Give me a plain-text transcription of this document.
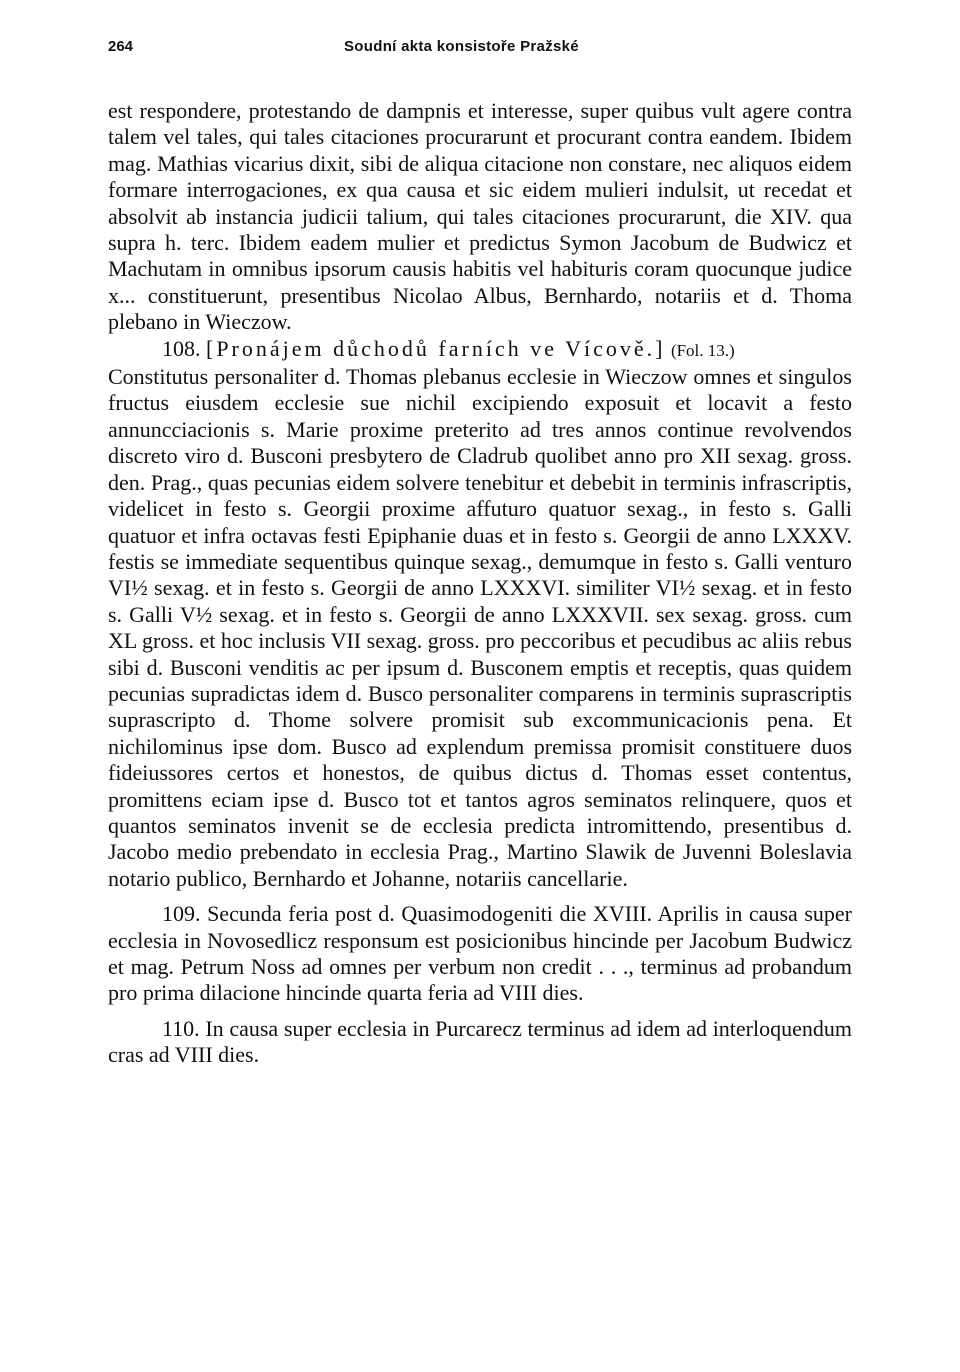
264	Soudní akta konsistoře Pražské

est respondere, protestando de dampnis et interesse, super quibus vult agere contra talem vel tales, qui tales citaciones procurarunt et procurant contra eandem. Ibidem mag. Mathias vicarius dixit, sibi de aliqua citacione non constare, nec aliquos eidem formare interrogaciones, ex qua causa et sic eidem mulieri indulsit, ut recedat et absolvit ab instancia judicii talium, qui tales citaciones procurarunt, die XIV. qua supra h. terc. Ibidem eadem mulier et predictus Symon Jacobum de Budwicz et Machutam in omnibus ipsorum causis habitis vel habituris coram quocunque judice x... constituerunt, presentibus Nicolao Albus, Bernhardo, notariis et d. Thoma plebano in Wieczow.

108. [Pronájem důchodů farních ve Vícově.] (Fol. 13.)

Constitutus personaliter d. Thomas plebanus ecclesie in Wieczow omnes et singulos fructus eiusdem ecclesie sue nichil excipiendo exposuit et locavit a festo annuncciacionis s. Marie proxime preterito ad tres annos continue revolvendos discreto viro d. Busconi presbytero de Cladrub quolibet anno pro XII sexag. gross. den. Prag., quas pecunias eidem solvere tenebitur et debebit in terminis infrascriptis, videlicet in festo s. Georgii proxime affuturo quatuor sexag., in festo s. Galli quatuor et infra octavas festi Epiphanie duas et in festo s. Georgii de anno LXXXV. festis se immediate sequentibus quinque sexag., demumque in festo s. Galli venturo VI½ sexag. et in festo s. Georgii de anno LXXXVI. similiter VI½ sexag. et in festo s. Galli V½ sexag. et in festo s. Georgii de anno LXXXVII. sex sexag. gross. cum XL gross. et hoc inclusis VII sexag. gross. pro peccoribus et pecudibus ac aliis rebus sibi d. Busconi venditis ac per ipsum d. Busconem emptis et receptis, quas quidem pecunias supradictas idem d. Busco personaliter comparens in terminis suprascriptis suprascripto d. Thome solvere promisit sub excommunicacionis pena. Et nichilominus ipse dom. Busco ad explendum premissa promisit constituere duos fideiussores certos et honestos, de quibus dictus d. Thomas esset contentus, promittens eciam ipse d. Busco tot et tantos agros seminatos relinquere, quos et quantos seminatos invenit se de ecclesia predicta intromittendo, presentibus d. Jacobo medio prebendato in ecclesia Prag., Martino Slawik de Juvenni Boleslavia notario publico, Bernhardo et Johanne, notariis cancellarie.

109. Secunda feria post d. Quasimodogeniti die XVIII. Aprilis in causa super ecclesia in Novosedlicz responsum est posicionibus hincinde per Jacobum Budwicz et mag. Petrum Noss ad omnes per verbum non credit . . ., terminus ad probandum pro prima dilacione hincinde quarta feria ad VIII dies.

110. In causa super ecclesia in Purcarecz terminus ad idem ad interloquendum cras ad VIII dies.
